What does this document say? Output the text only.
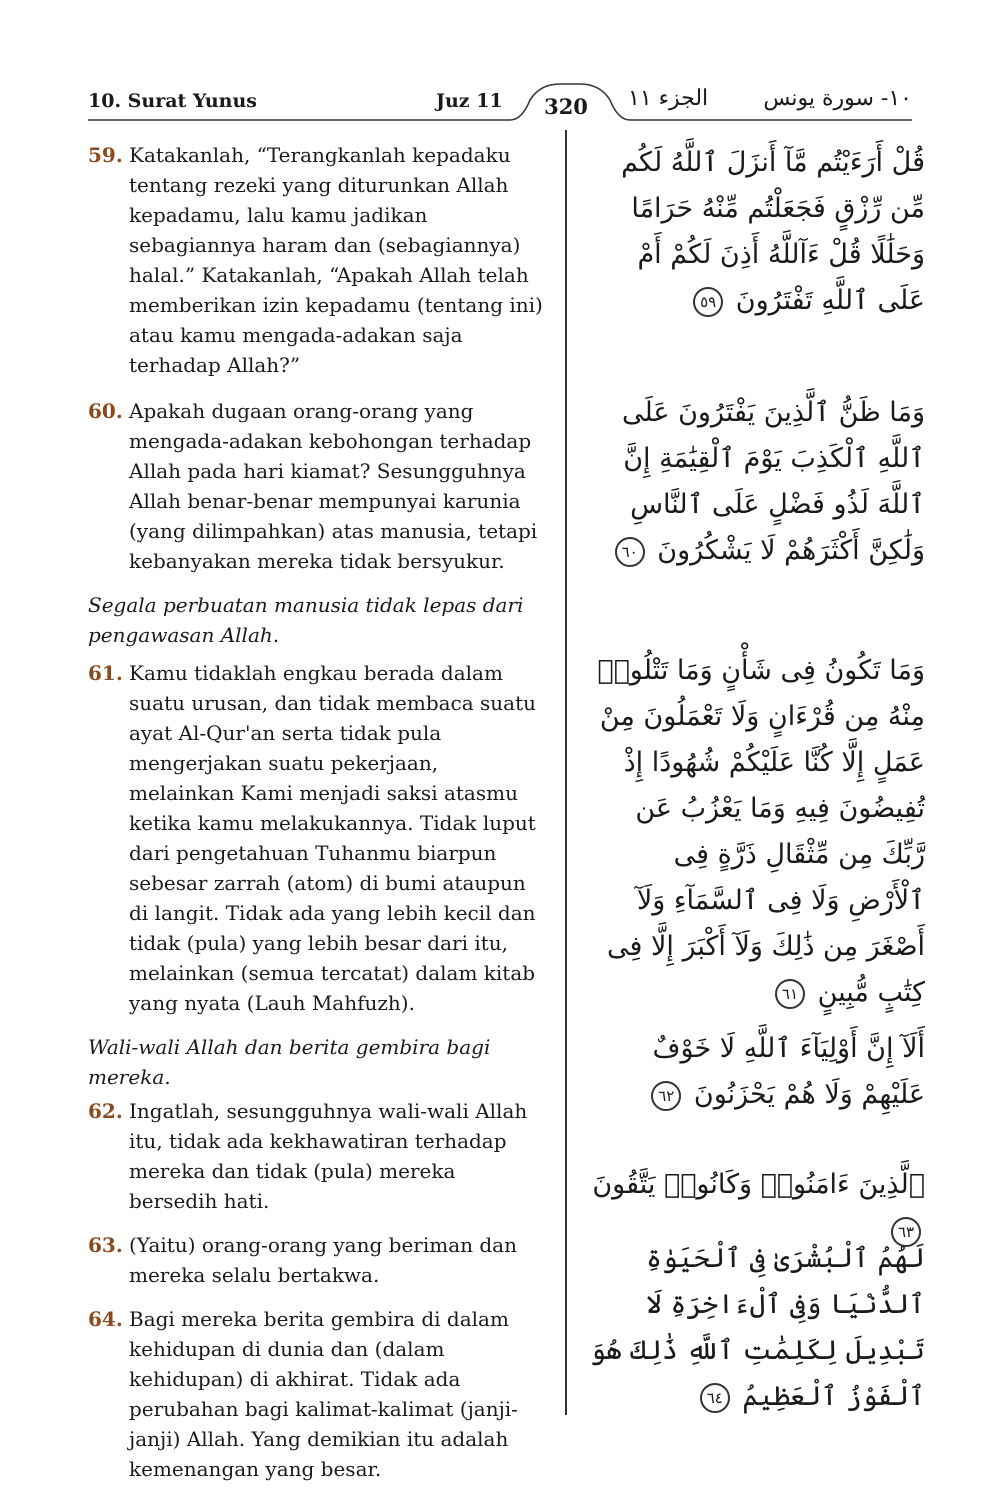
10. Surat Yunus	Juz 11	320	الجزء ١١	١٠- سورة يونس
59. Katakanlah, “Terangkanlah kepadaku tentang rezeki yang diturunkan Allah kepadamu, lalu kamu jadikan sebagiannya haram dan (sebagiannya) halal.” Katakanlah, “Apakah Allah telah memberikan izin kepadamu (tentang ini) atau kamu mengada-adakan saja terhadap Allah?”
60. Apakah dugaan orang-orang yang mengada-adakan kebohongan terhadap Allah pada hari kiamat? Sesungguhnya Allah benar-benar mempunyai karunia (yang dilimpahkan) atas manusia, tetapi kebanyakan mereka tidak bersyukur.
Segala perbuatan manusia tidak lepas dari pengawasan Allah.
61. Kamu tidaklah engkau berada dalam suatu urusan, dan tidak membaca suatu ayat Al-Qur'an serta tidak pula mengerjakan suatu pekerjaan, melainkan Kami menjadi saksi atasmu ketika kamu melakukannya. Tidak luput dari pengetahuan Tuhanmu biarpun sebesar zarrah (atom) di bumi ataupun di langit. Tidak ada yang lebih kecil dan tidak (pula) yang lebih besar dari itu, melainkan (semua tercatat) dalam kitab yang nyata (Lauh Mahfuzh).
Wali-wali Allah dan berita gembira bagi mereka.
62. Ingatlah, sesungguhnya wali-wali Allah itu, tidak ada kekhawatiran terhadap mereka dan tidak (pula) mereka bersedih hati.
63. (Yaitu) orang-orang yang beriman dan mereka selalu bertakwa.
64. Bagi mereka berita gembira di dalam kehidupan di dunia dan (dalam kehidupan) di akhirat. Tidak ada perubahan bagi kalimat-kalimat (janji-janji) Allah. Yang demikian itu adalah kemenangan yang besar.
قُلْ أَرَءَيْتُم مَّآ أَنزَلَ ٱللَّهُ لَكُم مِّن رِّزْقٍ فَجَعَلْتُم مِّنْهُ حَرَامًا وَحَلَٰلًا قُلْ ءَآللَّهُ أَذِنَ لَكُمْ أَمْ عَلَى ٱللَّهِ تَفْتَرُونَ ٥٩
وَمَا ظَنُّ ٱلَّذِينَ يَفْتَرُونَ عَلَى ٱللَّهِ ٱلْكَذِبَ يَوْمَ ٱلْقِيَٰمَةِ إِنَّ ٱللَّهَ لَذُو فَضْلٍ عَلَى ٱلنَّاسِ وَلَٰكِنَّ أَكْثَرَهُمْ لَا يَشْكُرُونَ ٦٠
وَمَا تَكُونُ فِى شَأْنٍ وَمَا تَتْلُوا۟ مِنْهُ مِن قُرْءَانٍ وَلَا تَعْمَلُونَ مِنْ عَمَلٍ إِلَّا كُنَّا عَلَيْكُمْ شُهُودًا إِذْ تُفِيضُونَ فِيهِ وَمَا يَعْزُبُ عَن رَّبِّكَ مِن مِّثْقَالِ ذَرَّةٍ فِى ٱلْأَرْضِ وَلَا فِى ٱلسَّمَآءِ وَلَآ أَصْغَرَ مِن ذَٰلِكَ وَلَآ أَكْبَرَ إِلَّا فِى كِتَٰبٍ مُّبِينٍ ٦١
أَلَآ إِنَّ أَوْلِيَآءَ ٱللَّهِ لَا خَوْفٌ عَلَيْهِمْ وَلَا هُمْ يَحْزَنُونَ ٦٢
ٱلَّذِينَ ءَامَنُوا۟ وَكَانُوا۟ يَتَّقُونَ ٦٣
لَهُمُ ٱلْبُشْرَىٰ فِى ٱلْحَيَوٰةِ ٱلدُّنْيَا وَفِى ٱلْءَاخِرَةِ لَا تَبْدِيلَ لِكَلِمَٰتِ ٱللَّهِ ذَٰلِكَ هُوَ ٱلْفَوْزُ ٱلْعَظِيمُ ٦٤
